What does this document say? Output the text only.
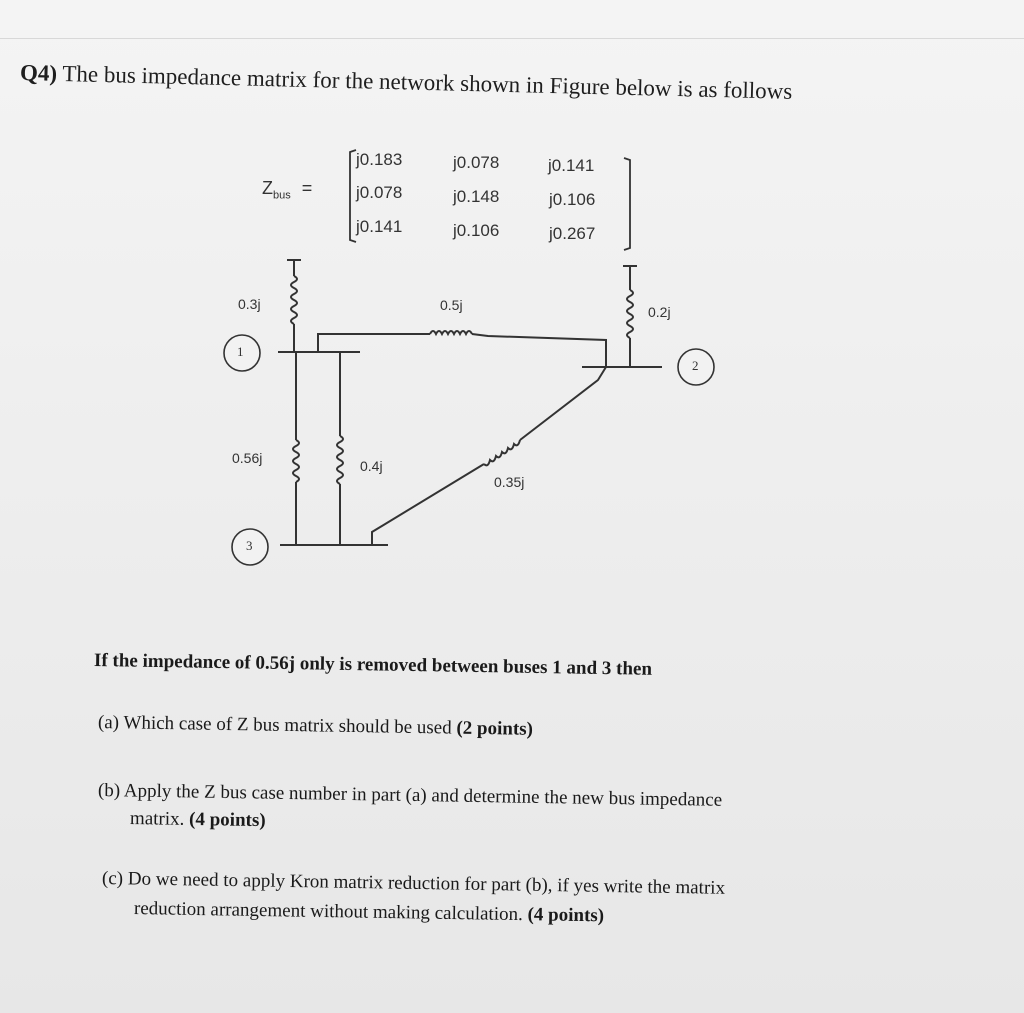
Q4) The bus impedance matrix for the network shown in Figure below is as follows
$Z_{bus}$ =
j0.183	j0.078	j0.141
j0.078	j0.148	j0.106
j0.141	j0.106	j0.267
1
2
3
0.3j	0.5j	0.2j
0.56j	0.4j
0.35j
If the impedance of 0.56j only is removed between buses 1 and 3 then
(a) Which case of Z bus matrix should be used (2 points)
(b) Apply the Z bus case number in part (a) and determine the new bus impedance
matrix. (4 points)
(c) Do we need to apply Kron matrix reduction for part (b), if yes write the matrix
reduction arrangement without making calculation. (4 points)
